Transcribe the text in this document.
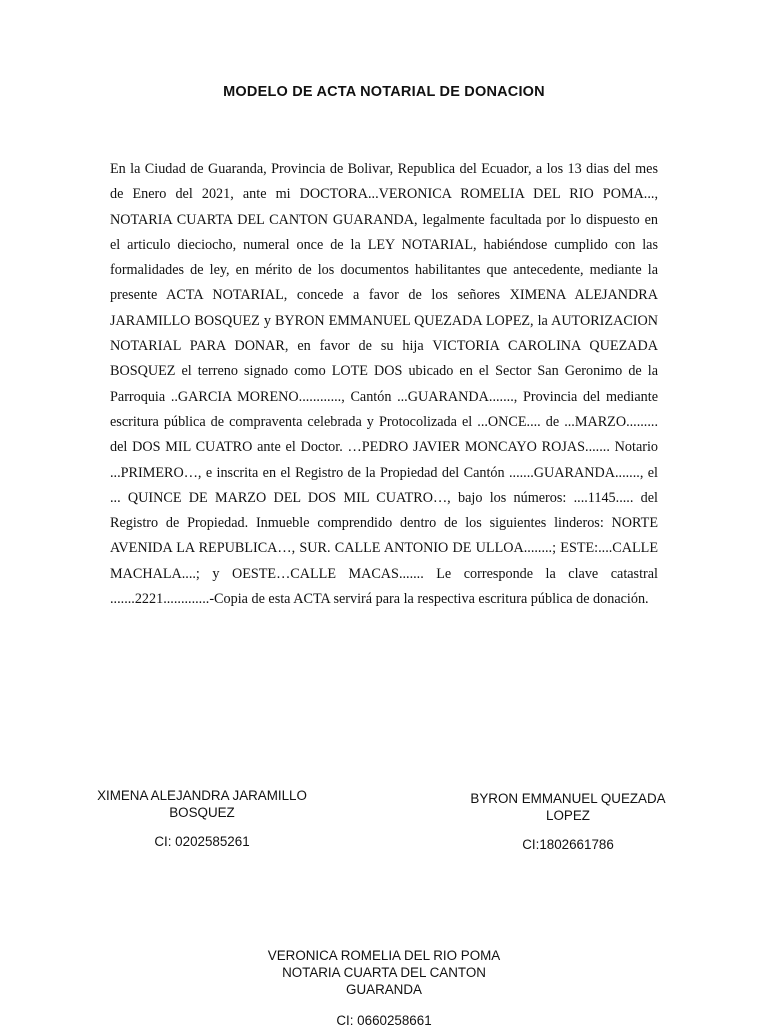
MODELO DE ACTA NOTARIAL DE DONACION

En la Ciudad de Guaranda, Provincia de Bolivar, Republica del Ecuador, a los 13 dias del mes de Enero del 2021, ante mi DOCTORA...VERONICA ROMELIA DEL RIO POMA..., NOTARIA CUARTA DEL CANTON GUARANDA, legalmente facultada por lo dispuesto en el articulo dieciocho, numeral once de la LEY NOTARIAL, habiéndose cumplido con las formalidades de ley, en mérito de los documentos habilitantes que antecedente, mediante la presente ACTA NOTARIAL, concede a favor de los señores XIMENA ALEJANDRA JARAMILLO BOSQUEZ y BYRON EMMANUEL QUEZADA LOPEZ, la AUTORIZACION NOTARIAL PARA DONAR, en favor de su hija VICTORIA CAROLINA QUEZADA BOSQUEZ el terreno signado como LOTE DOS ubicado en el Sector San Geronimo de la Parroquia ..GARCIA MORENO............, Cantón ...GUARANDA......., Provincia del mediante escritura pública de compraventa celebrada y Protocolizada el ...ONCE.... de ...MARZO......... del DOS MIL CUATRO ante el Doctor. …PEDRO JAVIER MONCAYO ROJAS....... Notario ...PRIMERO…, e inscrita en el Registro de la Propiedad del Cantón .......GUARANDA......., el ... QUINCE DE MARZO DEL DOS MIL CUATRO…, bajo los números: ....1145..... del Registro de Propiedad. Inmueble comprendido dentro de los siguientes linderos: NORTE AVENIDA LA REPUBLICA…, SUR. CALLE ANTONIO DE ULLOA........; ESTE:....CALLE MACHALA....; y OESTE…CALLE MACAS....... Le corresponde la clave catastral .......2221.............-Copia de esta ACTA servirá para la respectiva escritura pública de donación.

XIMENA ALEJANDRA JARAMILLO
BOSQUEZ
CI: 0202585261
BYRON EMMANUEL QUEZADA
LOPEZ
CI:1802661786
VERONICA ROMELIA DEL RIO POMA
NOTARIA CUARTA DEL CANTON
GUARANDA
CI: 0660258661
